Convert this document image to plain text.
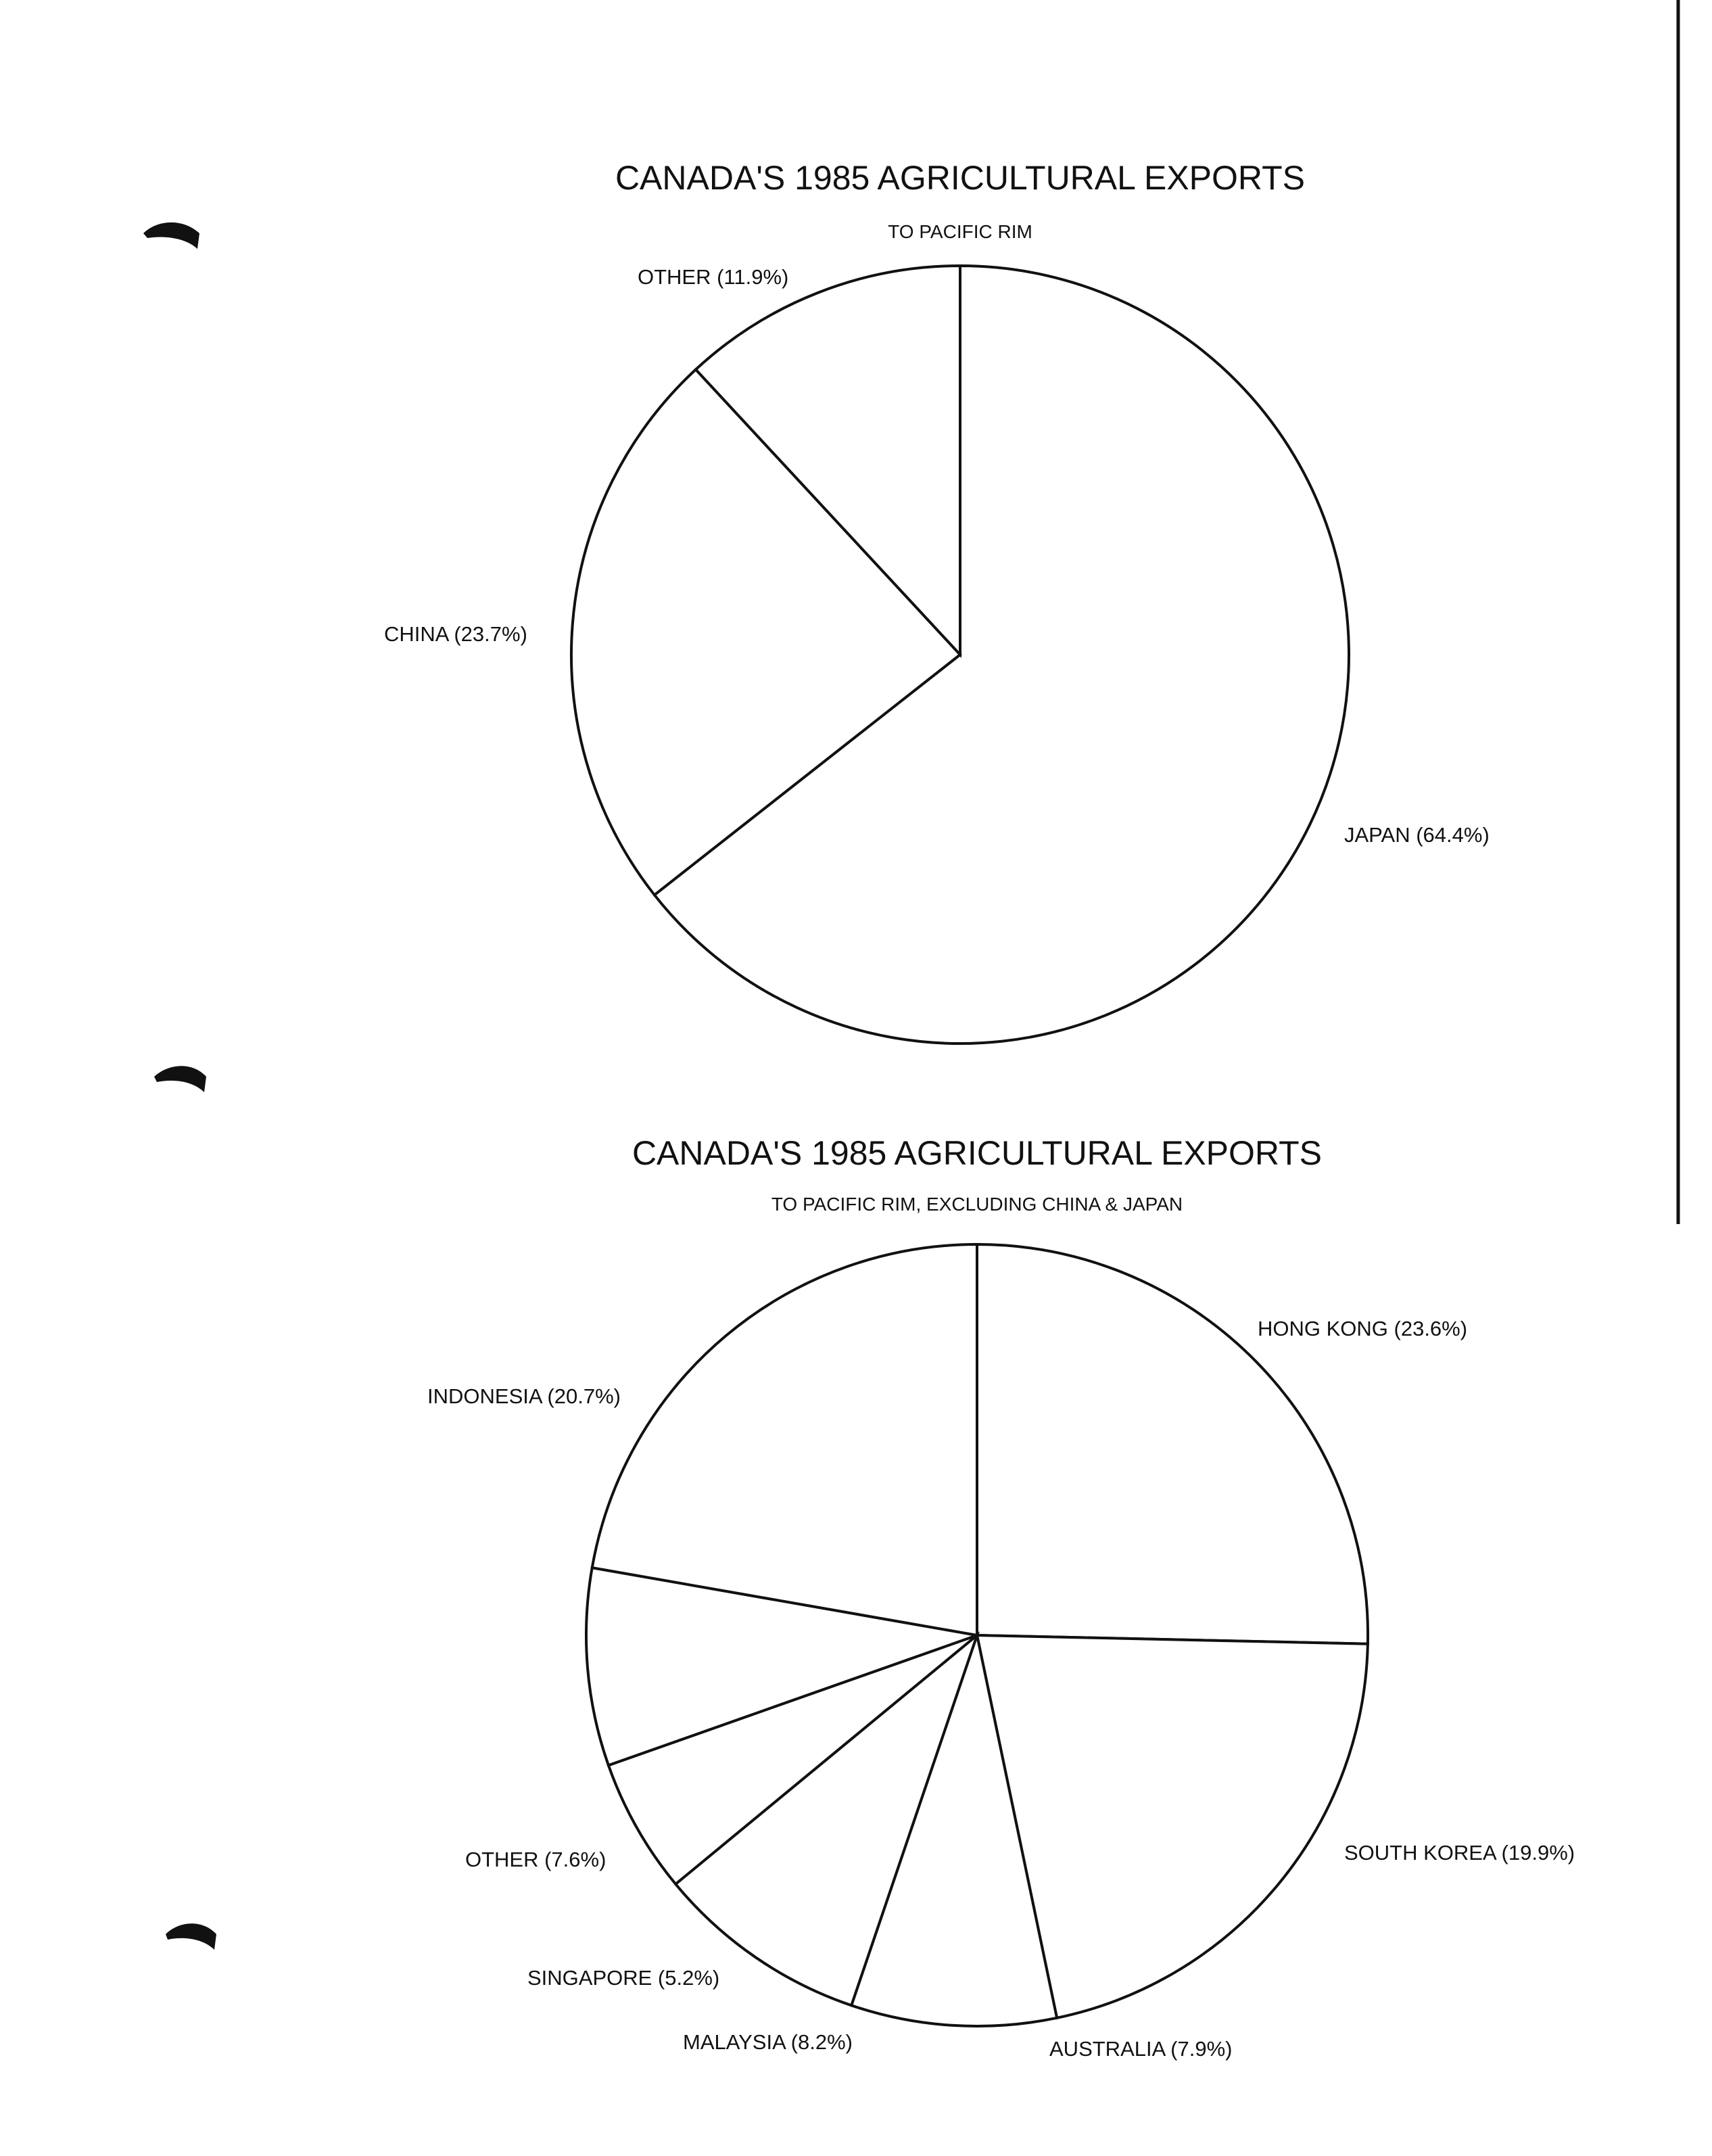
CANADA'S 1985 AGRICULTURAL EXPORTS
TO PACIFIC RIM
JAPAN (64.4%)
CHINA (23.7%)
OTHER (11.9%)
CANADA'S 1985 AGRICULTURAL EXPORTS
TO PACIFIC RIM, EXCLUDING CHINA & JAPAN
HONG KONG (23.6%)
SOUTH KOREA (19.9%)
AUSTRALIA (7.9%)
MALAYSIA (8.2%)
SINGAPORE (5.2%)
OTHER (7.6%)
INDONESIA (20.7%)
